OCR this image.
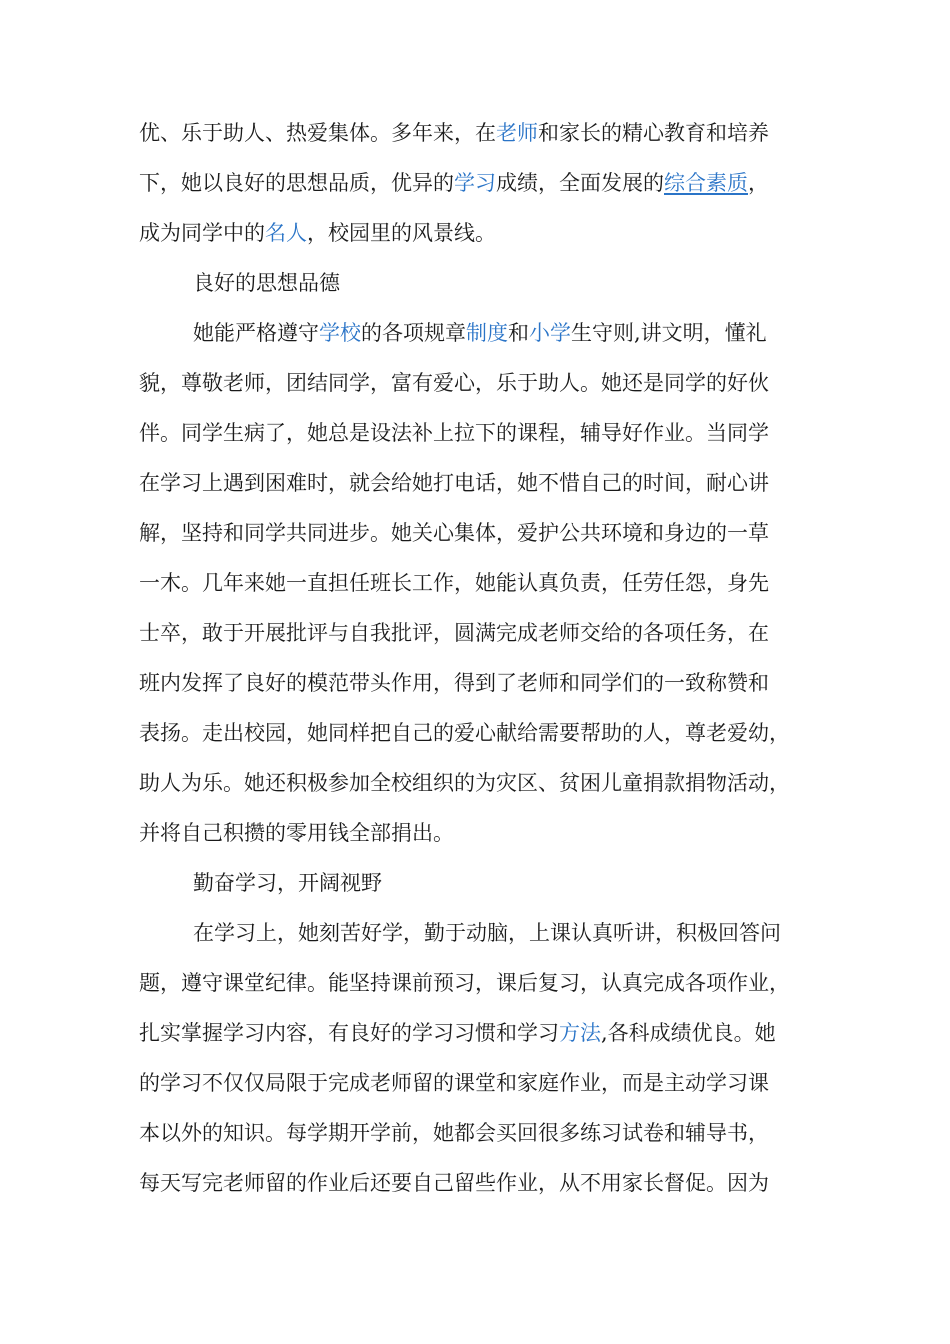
优、乐于助人、热爱集体。多年来，在老师和家长的精心教育和培养
下，她以良好的思想品质，优异的学习成绩，全面发展的综合素质，
成为同学中的名人，校园里的风景线。
良好的思想品德
她能严格遵守学校的各项规章制度和小学生守则,讲文明，懂礼
貌，尊敬老师，团结同学，富有爱心，乐于助人。她还是同学的好伙
伴。同学生病了，她总是设法补上拉下的课程，辅导好作业。当同学
在学习上遇到困难时，就会给她打电话，她不惜自己的时间，耐心讲
解，坚持和同学共同进步。她关心集体，爱护公共环境和身边的一草
一木。几年来她一直担任班长工作，她能认真负责，任劳任怨，身先
士卒，敢于开展批评与自我批评，圆满完成老师交给的各项任务，在
班内发挥了良好的模范带头作用，得到了老师和同学们的一致称赞和
表扬。走出校园，她同样把自己的爱心献给需要帮助的人，尊老爱幼，
助人为乐。她还积极参加全校组织的为灾区、贫困儿童捐款捐物活动，
并将自己积攒的零用钱全部捐出。
勤奋学习，开阔视野
在学习上，她刻苦好学，勤于动脑，上课认真听讲，积极回答问
题，遵守课堂纪律。能坚持课前预习，课后复习，认真完成各项作业，
扎实掌握学习内容，有良好的学习习惯和学习方法,各科成绩优良。她
的学习不仅仅局限于完成老师留的课堂和家庭作业，而是主动学习课
本以外的知识。每学期开学前，她都会买回很多练习试卷和辅导书，
每天写完老师留的作业后还要自己留些作业，从不用家长督促。因为
